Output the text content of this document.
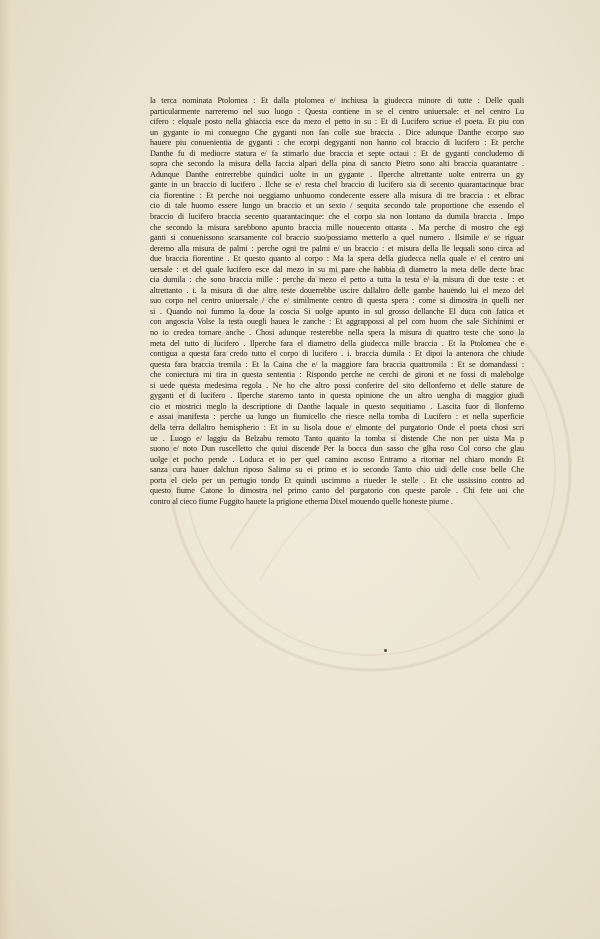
la terca nominata Ptolomea : Et dalla ptolomea e/ inchiusa la giudecca minore di tutte : Delle quali
particularmente narreremo nel suo luogo : Questa contiene in se el centro uniuersale: et nel centro Lu
cifero : elquale posto nella ghiaccia esce da mezo el petto in su : Et di Lucifero scriue el poeta. Et piu con
un gygante io mi conuegno Che gyganti non fan colle sue braccia . Dice adunque Danthe ecorpo suo
hauere piu conuenientia de gyganti : che ecorpi degyganti non hanno col braccio di lucifero : Et perche
Danthe fu di mediocre statura e/ fa stimarlo due braccia et septe octaui : Et de gyganti concludemo di
sopra che secondo la misura della faccia alpari della pina di sancto Pietro sono alti braccia quarantatre .
Adunque Danthe entrerrebbe quindici uolte in un gygante . Ilperche altrettante uolte entrerra un gy
gante in un braccio di lucifero . Ilche se e/ resta chel braccio di lucifero sia di secento quarantacinque brac
cia fiorentine : Et perche noi ueggiamo unhuomo condecente essere alla misura di tre braccia : et elbrac
cio di tale huomo essere lungo un braccio et un sexto / sequita secondo tale proportione che essendo el
braccio di lucifero braccia secento quarantacinque: che el corpo sia non lontano da dumila braccia . Impo
che secondo la misura sarebbono apunto braccia mille nouecento ottanta . Ma perche di mostro che egi
ganti si conuenissono scarsamente col braccio suo/possiamo metterlo a quel numero . Ilsimile e/ se riguar
deremo alla misura de palmi : perche ogni tre palmi e/ un braccio : et misura della lle lequali sono circa ad
due braccia fiorentine . Et questo quanto al corpo : Ma la spera della giudecca nella quale e/ el centro uni
uersale : et del quale lucifero esce dal mezo in su mi pare che habbia di diametro la meta delle decte brac
cia dumila : che sono braccia mille : perche da mezo el petto a tutta la testa e/ la misura di due teste : et
altrettanto . i. la misura di due altre teste douerrebbe uscire dallaltro delle gambe hauendo lui el mezo del
suo corpo nel centro uniuersale / che e/ similmente centro di questa spera : come si dimostra in quelli ner
si . Quando noi fummo la doue la coscia Si uolge apunto in sul grosso dellanche El duca con fatica et
con angoscia Volse la testa ouegli hauea le zanche : Et aggrappossi al pel com huom che sale Sichinimi er
no io credea tornare anche . Chosi adunque resterebbe nella spera la misura di quattro teste che sono la
meta del tutto di lucifero . Ilperche fara el diametro della giudecca mille braccia . Et la Ptolomea che e
contigua a questa fara credo tutto el corpo di lucifero . i. braccia dumila : Et dipoi la antenora che chiude
questa fara braccia tremila : Et la Caina che e/ la maggiore fara braccia quattromila : Et se domandassi :
che coniectura mi tira in questa sententia : Rispondo perche ne cerchi de gironi et ne fossi di malebolge
si uede questa medesima regola . Ne ho che altro possi conferire del sito dellonferno et delle stature de
gyganti et di lucifero . Ilperche staremo tanto in questa opinione che un altro uengha di maggior giudi
cio et mostrici meglo la descriptione di Danthe laquale in questo sequitiamo . Lascita fuor di llonferno
e assai manifesta : perche ua lungo un fiumicello che riesce nella tomba di Lucifero : et nella superficie
della terra dellaltro hemispherio : Et in su lisola doue e/ elmonte del purgatorio Onde el poeta chosi scri
ue . Luogo e/ laggiu da Belzabu remoto Tanto quanto la tomba si distende Che non per uista Ma p
suono e/ noto Dun ruscelletto che quiui discende Per la bocca dun sasso che glha roso Col corso che glau
uolge et pocho pende . Loduca et io per quel camino ascoso Entramo a ritornar nel chiaro mondo Et
sanza cura hauer dalchun riposo Salimo su ei primo et io secondo Tanto chio uidi delle cose belle Che
porta el cielo per un pertugio tondo Et quindi uscimmo a riueder le stelle . Et che ussissino contro ad
questo fiume Catone lo dimostra nel primo canto del purgatorio con queste parole . Chi fete uoi che
contro al cieco fiume Fuggito hauete la prigione etherna Dixel mouendo quelle honeste piume .
